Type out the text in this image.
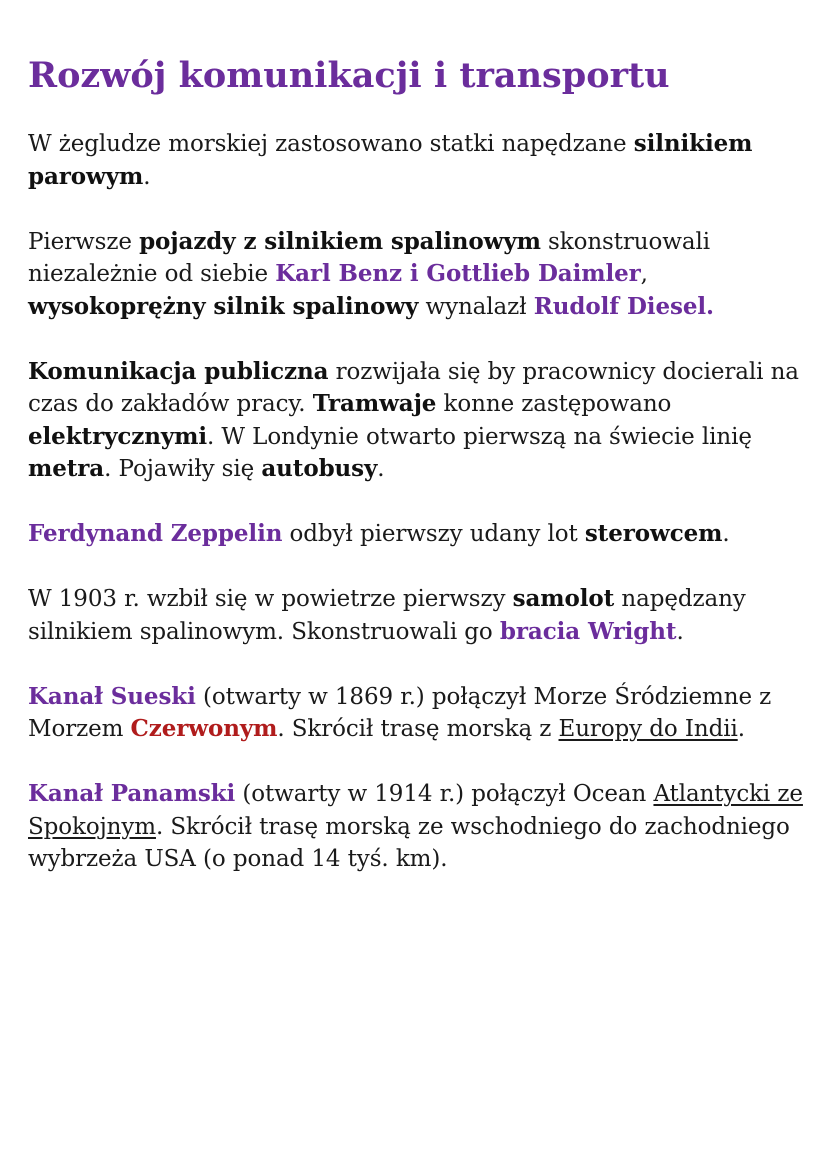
Rozwój komunikacji i transportu

W żegludze morskiej zastosowano statki napędzane silnikiem parowym.

Pierwsze pojazdy z silnikiem spalinowym skonstruowali niezależnie od siebie Karl Benz i Gottlieb Daimler, wysokoprężny silnik spalinowy wynalazł Rudolf Diesel.

Komunikacja publiczna rozwijała się by pracownicy docierali na czas do zakładów pracy. Tramwaje konne zastępowano elektrycznymi. W Londynie otwarto pierwszą na świecie linię metra. Pojawiły się autobusy.

Ferdynand Zeppelin odbył pierwszy udany lot sterowcem.

W 1903 r. wzbił się w powietrze pierwszy samolot napędzany silnikiem spalinowym. Skonstruowali go bracia Wright.

Kanał Sueski (otwarty w 1869 r.) połączył Morze Śródziemne z Morzem Czerwonym. Skrócił trasę morską z Europy do Indii.

Kanał Panamski (otwarty w 1914 r.) połączył Ocean Atlantycki ze Spokojnym. Skrócił trasę morską ze wschodniego do zachodniego wybrzeża USA (o ponad 14 tyś. km).
